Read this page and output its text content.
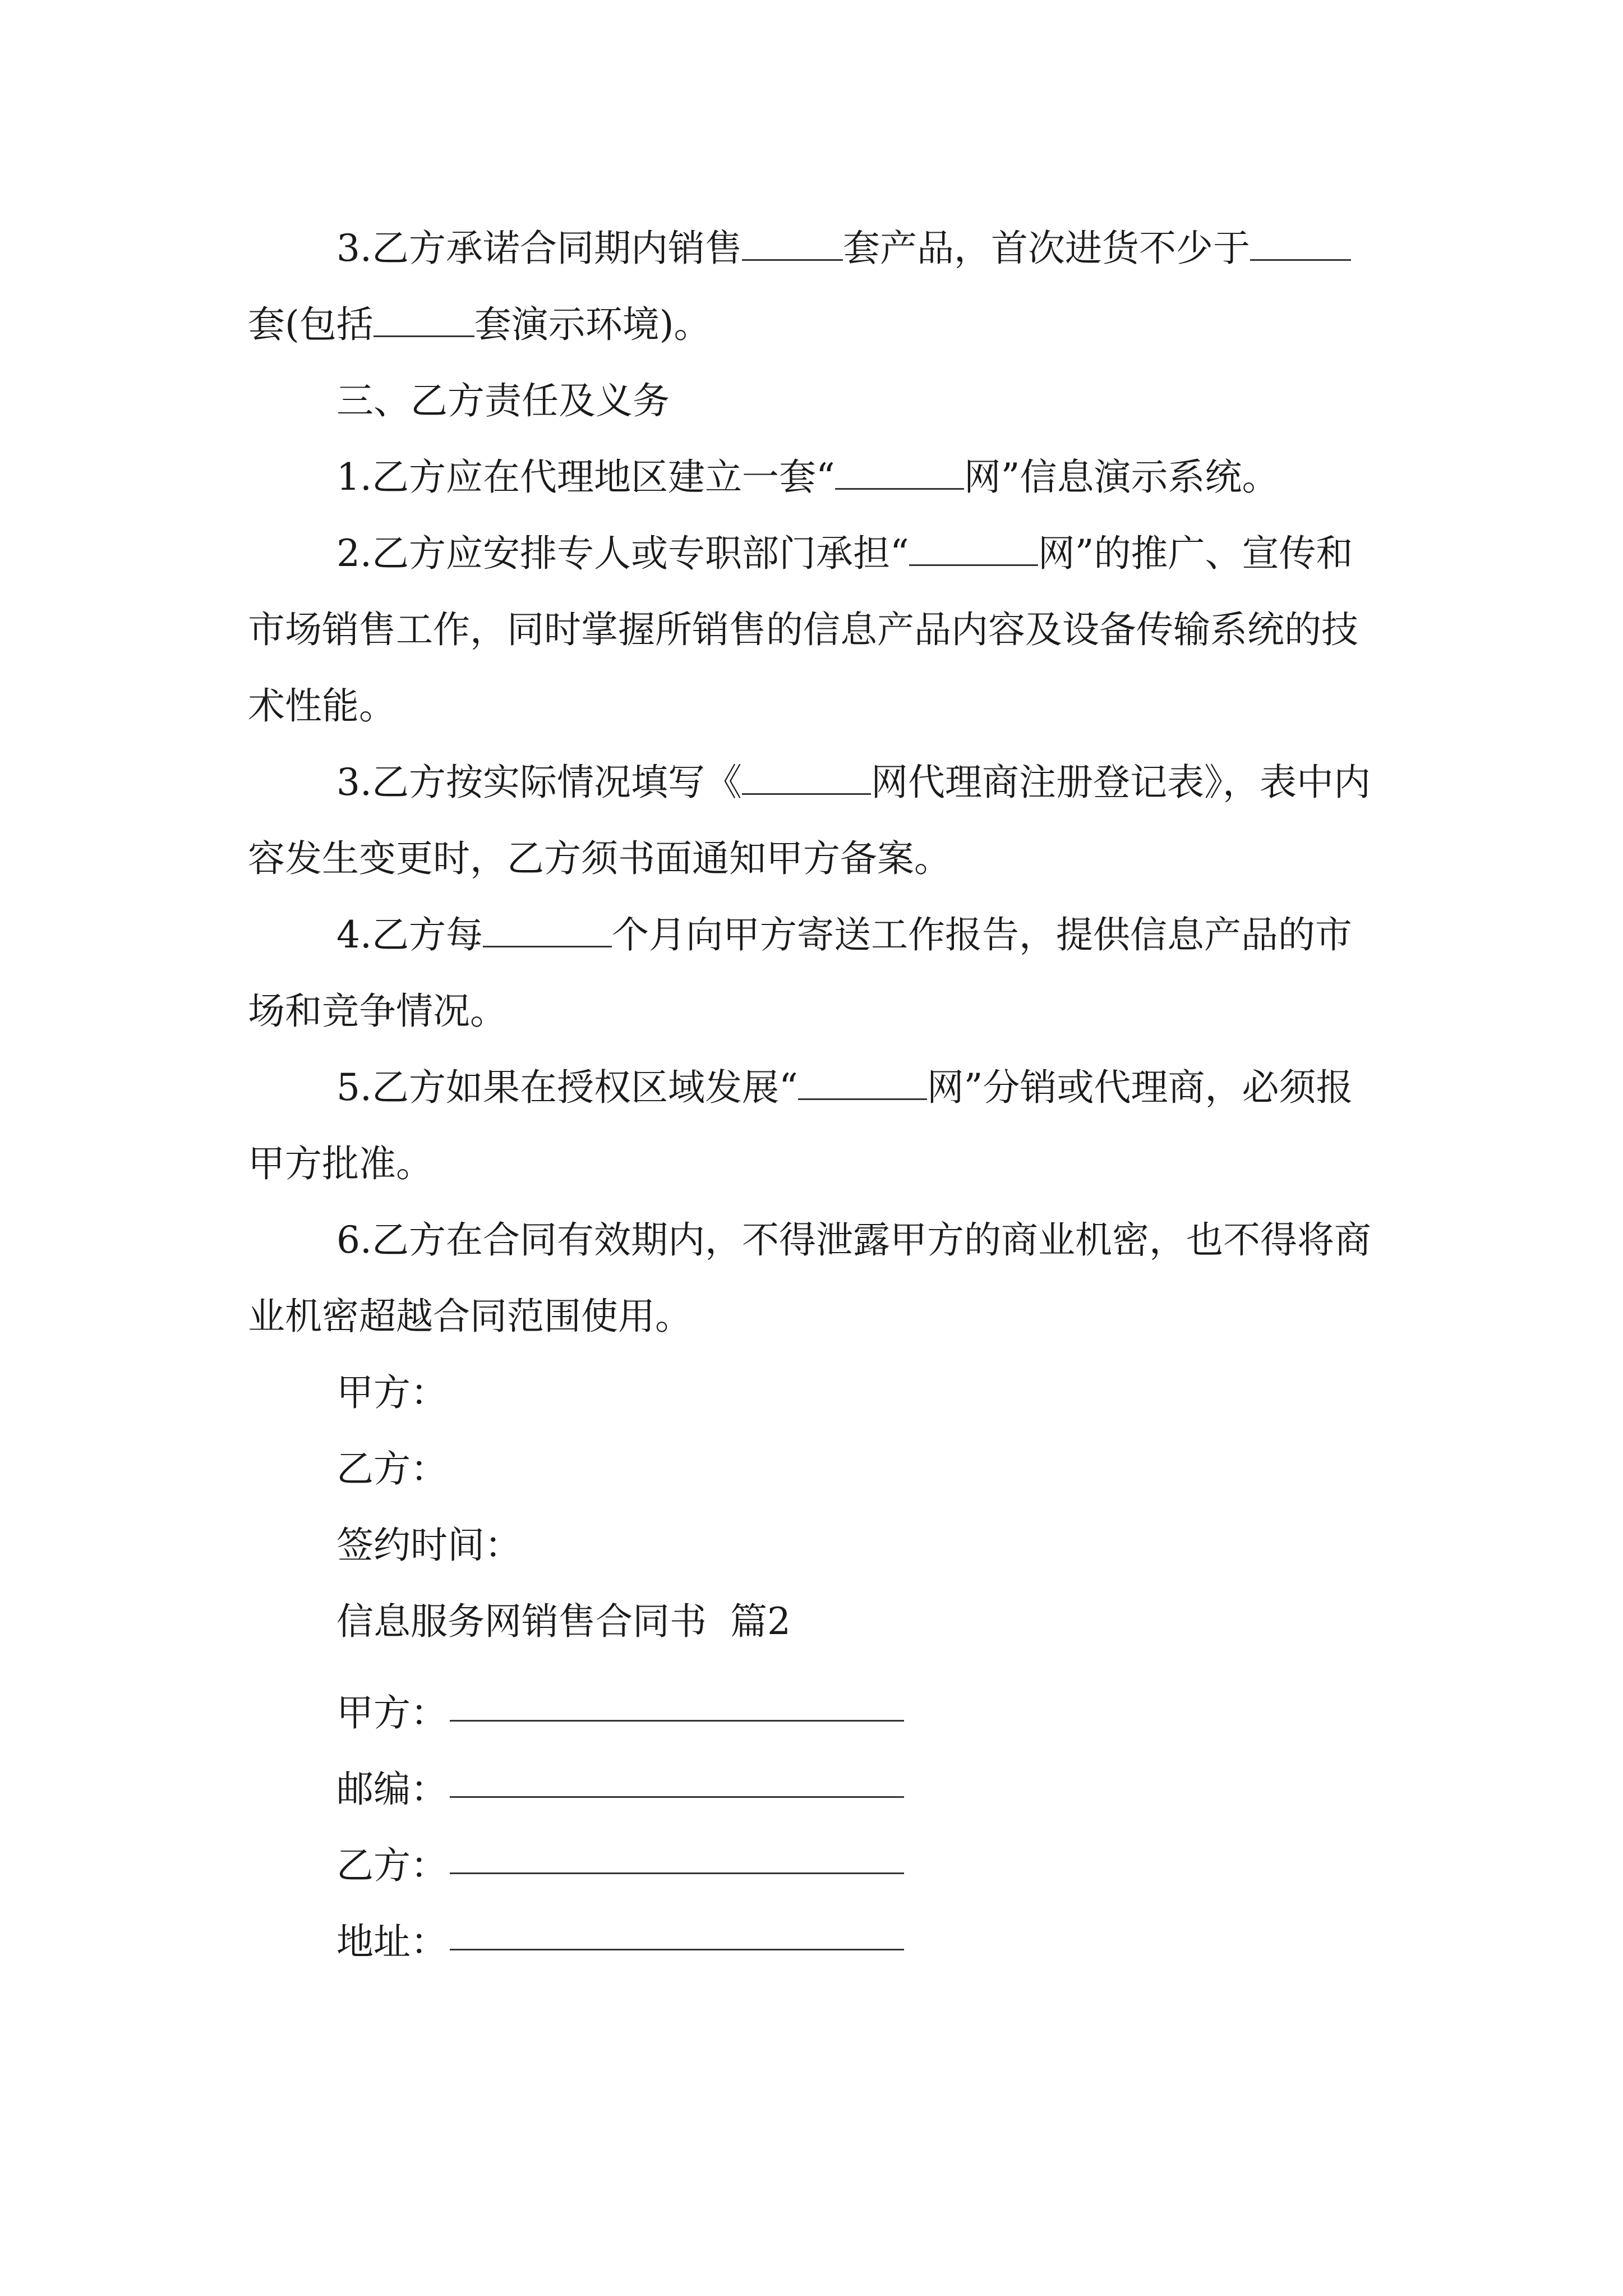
3.乙方承诺合同期内销售	套产品，首次进货不少于套(包括	套演示环境)。

三、乙方责任及义务

1.乙方应在代理地区建立一套“	网”信息演示系统。

2.乙方应安排专人或专职部门承担“	网”的推广、宣传和市场销售工作，同时掌握所销售的信息产品内容及设备传输系统的技术性能。

3.乙方按实际情况填写《	网代理商注册登记表》，表中内容发生变更时，乙方须书面通知甲方备案。

4.乙方每	个月向甲方寄送工作报告，提供信息产品的市场和竞争情况。

5.乙方如果在授权区域发展“	网”分销或代理商，必须报甲方批准。

6.乙方在合同有效期内，不得泄露甲方的商业机密，也不得将商业机密超越合同范围使用。

甲方：

乙方：

签约时间：

信息服务网销售合同书  篇2

甲方：
邮编：
乙方：
地址：
